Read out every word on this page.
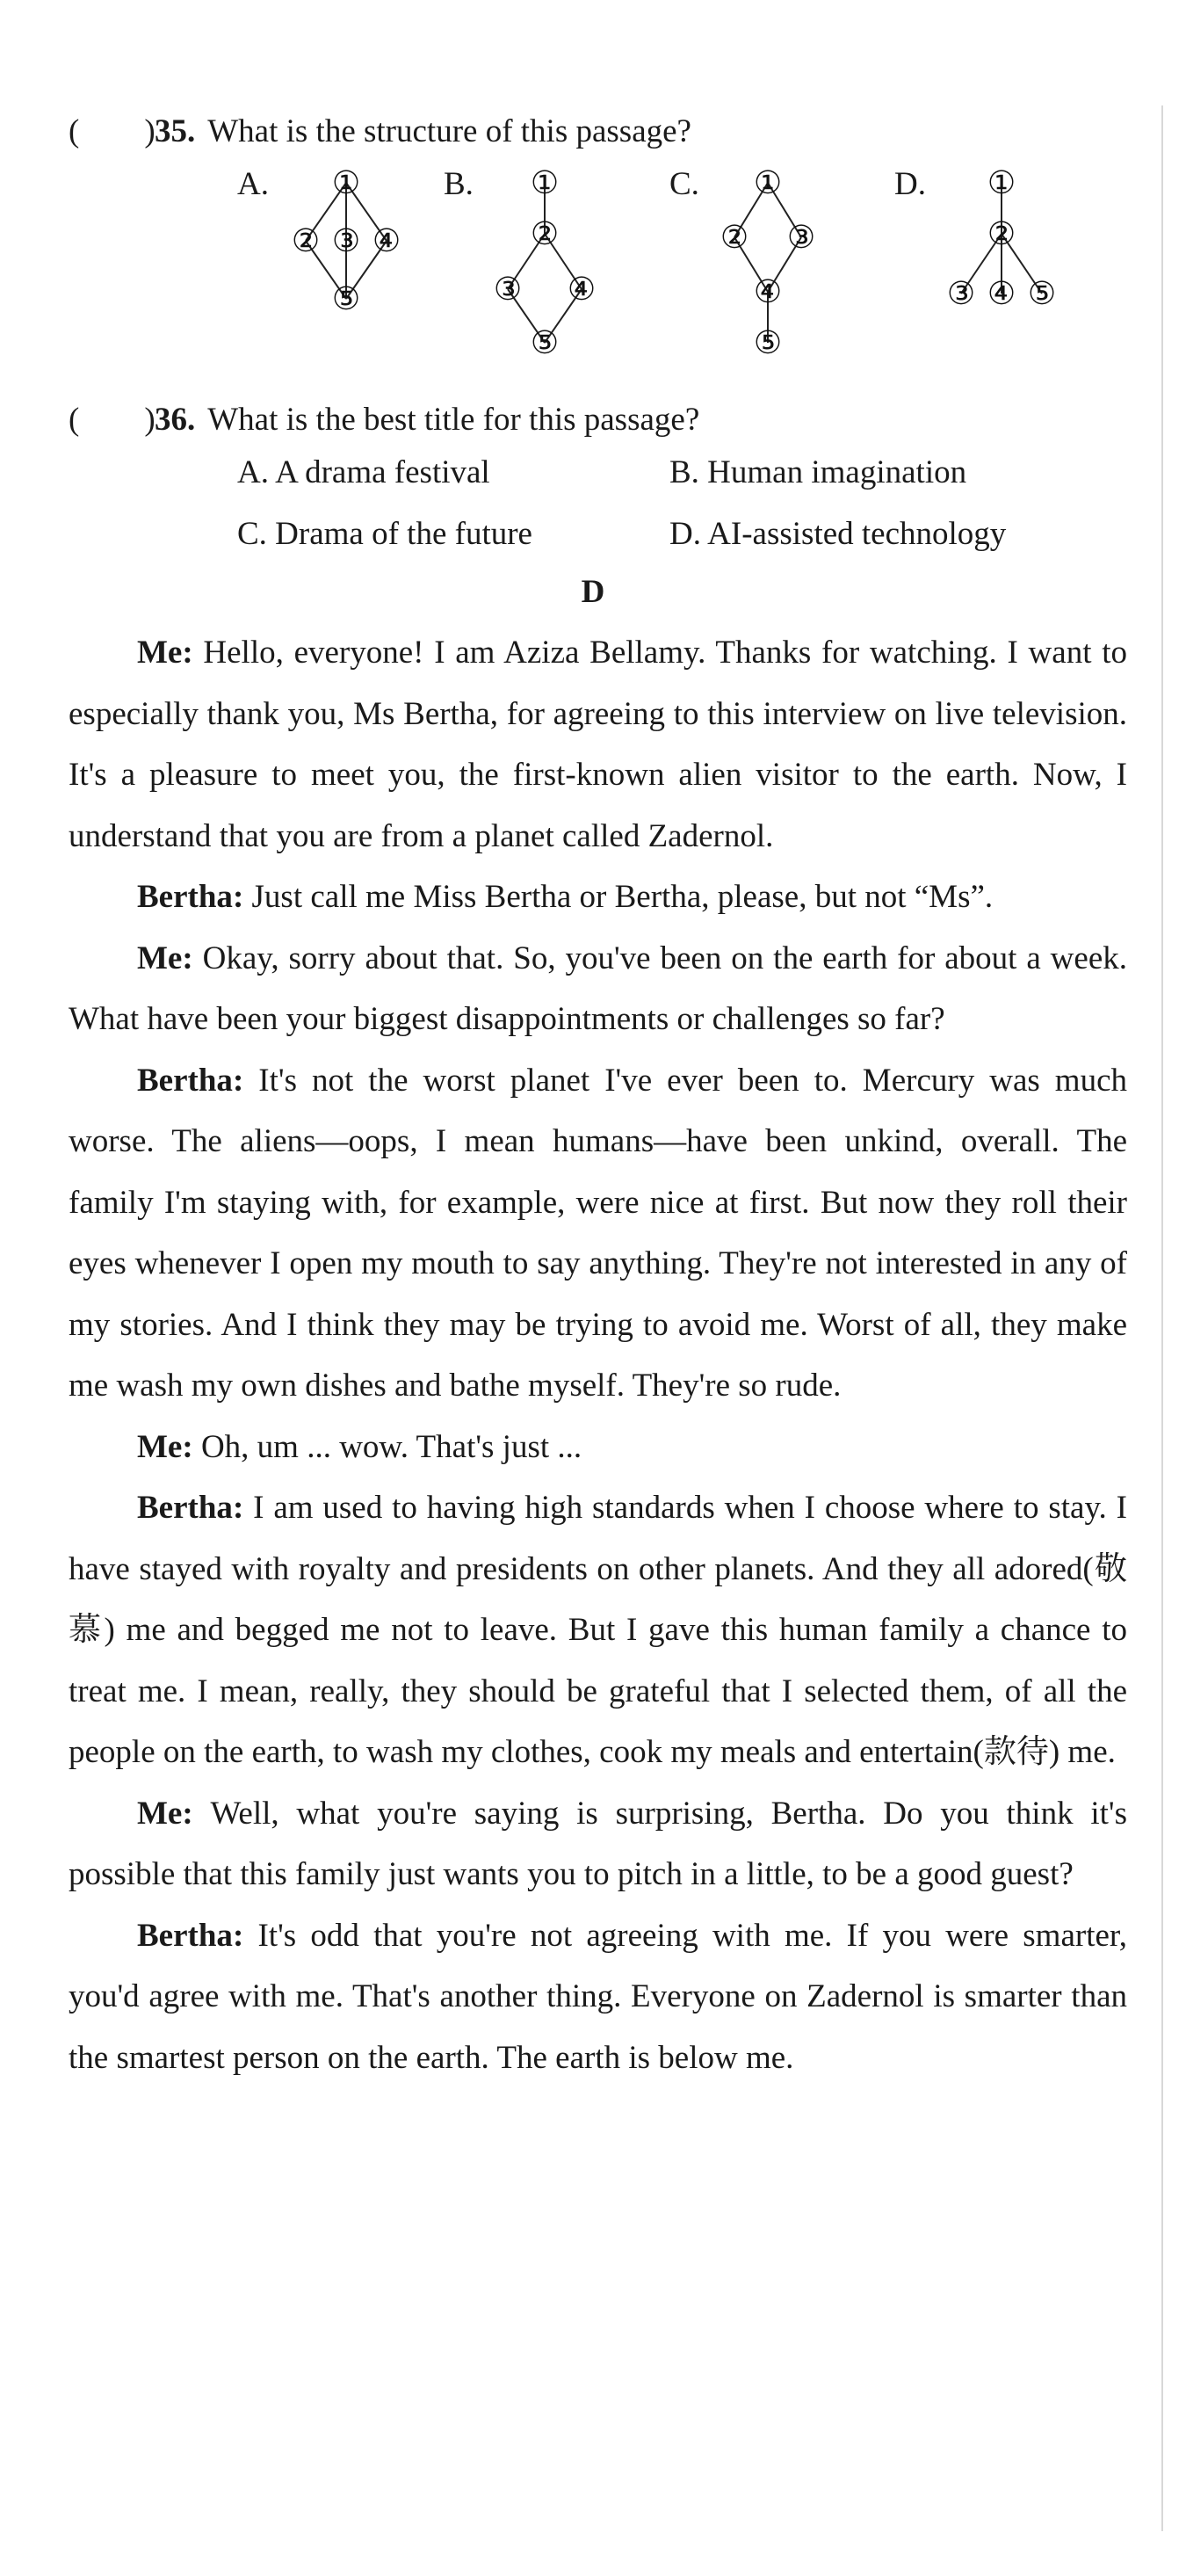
(　　)35. What is the structure of this passage?
A. ①
② ③ ④
⑤
B. ①
②
③ ④
⑤
C. ①
② ③
④
⑤
D. ①
②
③ ④ ⑤
(　　)36. What is the best title for this passage?
A. A drama festival	B. Human imagination
C. Drama of the future	D. AI-assisted technology
D

Me: Hello, everyone! I am Aziza Bellamy. Thanks for watching. I want to especially thank you, Ms Bertha, for agreeing to this interview on live television. It's a pleasure to meet you, the first-known alien visitor to the earth. Now, I understand that you are from a planet called Zadernol.

Bertha: Just call me Miss Bertha or Bertha, please, but not “Ms”.

Me: Okay, sorry about that. So, you've been on the earth for about a week. What have been your biggest disappointments or challenges so far?

Bertha: It's not the worst planet I've ever been to. Mercury was much worse. The aliens—oops, I mean humans—have been unkind, overall. The family I'm staying with, for example, were nice at first. But now they roll their eyes whenever I open my mouth to say anything. They're not interested in any of my stories. And I think they may be trying to avoid me. Worst of all, they make me wash my own dishes and bathe myself. They're so rude.

Me: Oh, um ... wow. That's just ...

Bertha: I am used to having high standards when I choose where to stay. I have stayed with royalty and presidents on other planets. And they all adored(敬慕) me and begged me not to leave. But I gave this human family a chance to treat me. I mean, really, they should be grateful that I selected them, of all the people on the earth, to wash my clothes, cook my meals and entertain(款待) me.

Me: Well, what you're saying is surprising, Bertha. Do you think it's possible that this family just wants you to pitch in a little, to be a good guest?

Bertha: It's odd that you're not agreeing with me. If you were smarter, you'd agree with me. That's another thing. Everyone on Zadernol is smarter than the smartest person on the earth. The earth is below me.
